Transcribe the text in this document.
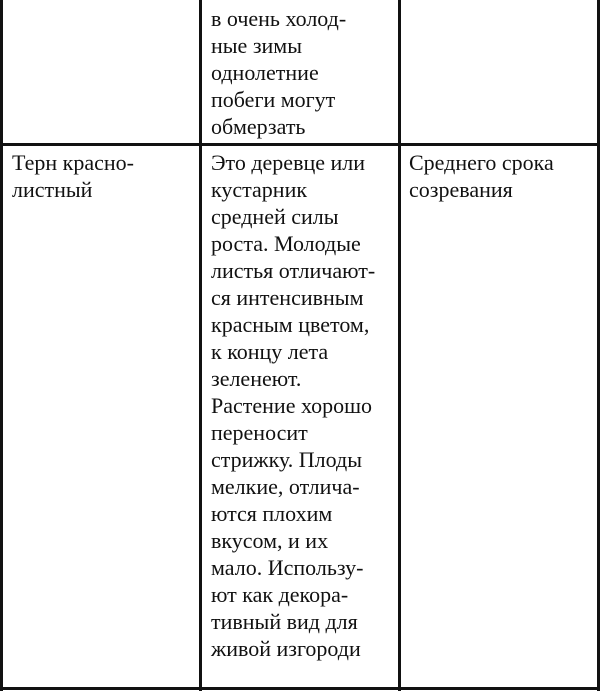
в очень холод-
ные зимы
однолетние
побеги могут
обмерзать
Терн красно-
листный
Это деревце или
кустарник
средней силы
роста. Молодые
листья отличают-
ся интенсивным
красным цветом,
к концу лета
зеленеют.
Растение хорошо
переносит
стрижку. Плоды
мелкие, отлича-
ются плохим
вкусом, и их
мало. Использу-
ют как декора-
тивный вид для
живой изгороди
Среднего срока
созревания
